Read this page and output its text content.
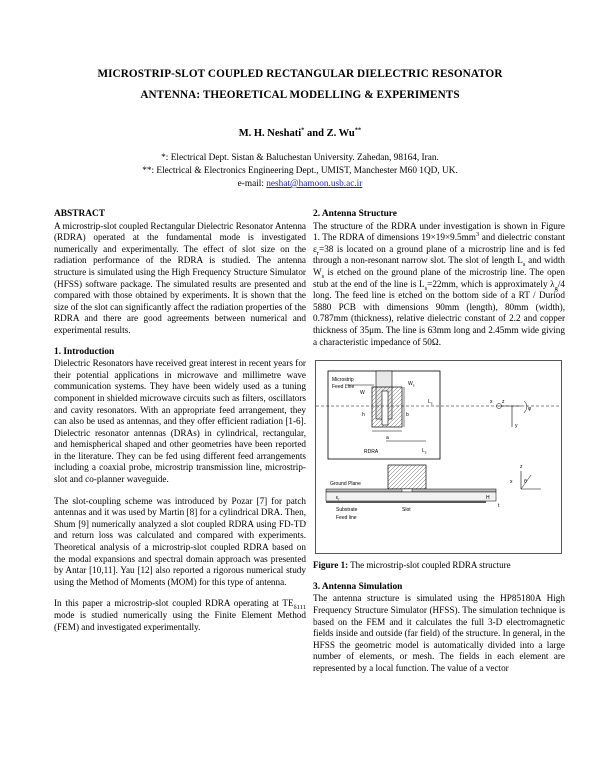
MICROSTRIP-SLOT COUPLED RECTANGULAR DIELECTRIC RESONATOR
ANTENNA: THEORETICAL MODELLING & EXPERIMENTS
M. H. Neshati* and Z. Wu**
*: Electrical Dept. Sistan & Baluchestan University. Zahedan, 98164, Iran.
**: Electrical & Electronics Engineering Dept., UMIST, Manchester M60 1QD, UK.
e-mail: neshat@hamoon.usb.ac.ir
ABSTRACT

A microstrip-slot coupled Rectangular Dielectric Resonator Antenna (RDRA) operated at the fundamental mode is investigated numerically and experimentally. The effect of slot size on the radiation performance of the RDRA is studied. The antenna structure is simulated using the High Frequency Structure Simulator (HFSS) software package. The simulated results are presented and compared with those obtained by experiments. It is shown that the size of the slot can significantly affect the radiation properties of the RDRA and there are good agreements between numerical and experimental results.

1. Introduction

Dielectric Resonators have received great interest in recent years for their potential applications in microwave and millimetre wave communication systems. They have been widely used as a tuning component in shielded microwave circuits such as filters, oscillators and cavity resonators. With an appropriate feed arrangement, they can also be used as antennas, and they offer efficient radiation [1-6]. Dielectric resonator antennas (DRAs) in cylindrical, rectangular, and hemispherical shaped and other geometries have been reported in the literature. They can be fed using different feed arrangements including a coaxial probe, microstrip transmission line, microstrip-slot and co-planner waveguide.

The slot-coupling scheme was introduced by Pozar [7] for patch antennas and it was used by Martin [8] for a cylindrical DRA. Then, Shum [9] numerically analyzed a slot coupled RDRA using FD-TD and return loss was calculated and compared with experiments. Theoretical analysis of a microstrip-slot coupled RDRA based on the modal expansions and spectral domain approach was presented by Antar [10,11]. Yau [12] also reported a rigorous numerical study using the Method of Moments (MOM) for this type of antenna.

In this paper a microstrip-slot coupled RDRA operating at $TE_{\delta 111}$ mode is studied numerically using the Finite Element Method (FEM) and investigated experimentally.

2. Antenna Structure

The structure of the RDRA under investigation is shown in Figure 1. The RDRA of dimensions $19\times 19\times 9.5mm^3$ and dielectric constant $\varepsilon_r=38$ is located on a ground plane of a microstrip line and is fed through a non-resonant narrow slot. The slot of length $L_s$ and width $W_s$ is etched on the ground plane of the microstrip line. The open stub at the end of the line is $L_s=22mm$, which is approximately $\lambda_g/4$ long. The feed line is etched on the bottom side of a RT / Duriod 5880 PCB with dimensions 90mm (length), 80mm (width), 0.787mm (thickness), relative dielectric constant of 2.2 and copper thickness of 35μm. The line is 63mm long and 2.45mm wide giving a characteristic impedance of 50Ω.

Microstrip
Feed Line
W
$W_s$
$L_s$
h	b
a
RDRA	$L_s$
x z
φ
y
Ground Plane
$\varepsilon_r$
Substrate
Feed line
Slot
H
t
x θ
z
Figure 1: The microstrip-slot coupled RDRA structure
3. Antenna Simulation

The antenna structure is simulated using the HP85180A High Frequency Structure Simulator (HFSS). The simulation technique is based on the FEM and it calculates the full 3-D electromagnetic fields inside and outside (far field) of the structure. In general, in the HFSS the geometric model is automatically divided into a large number of elements, or mesh. The fields in each element are represented by a local function. The value of a vector
